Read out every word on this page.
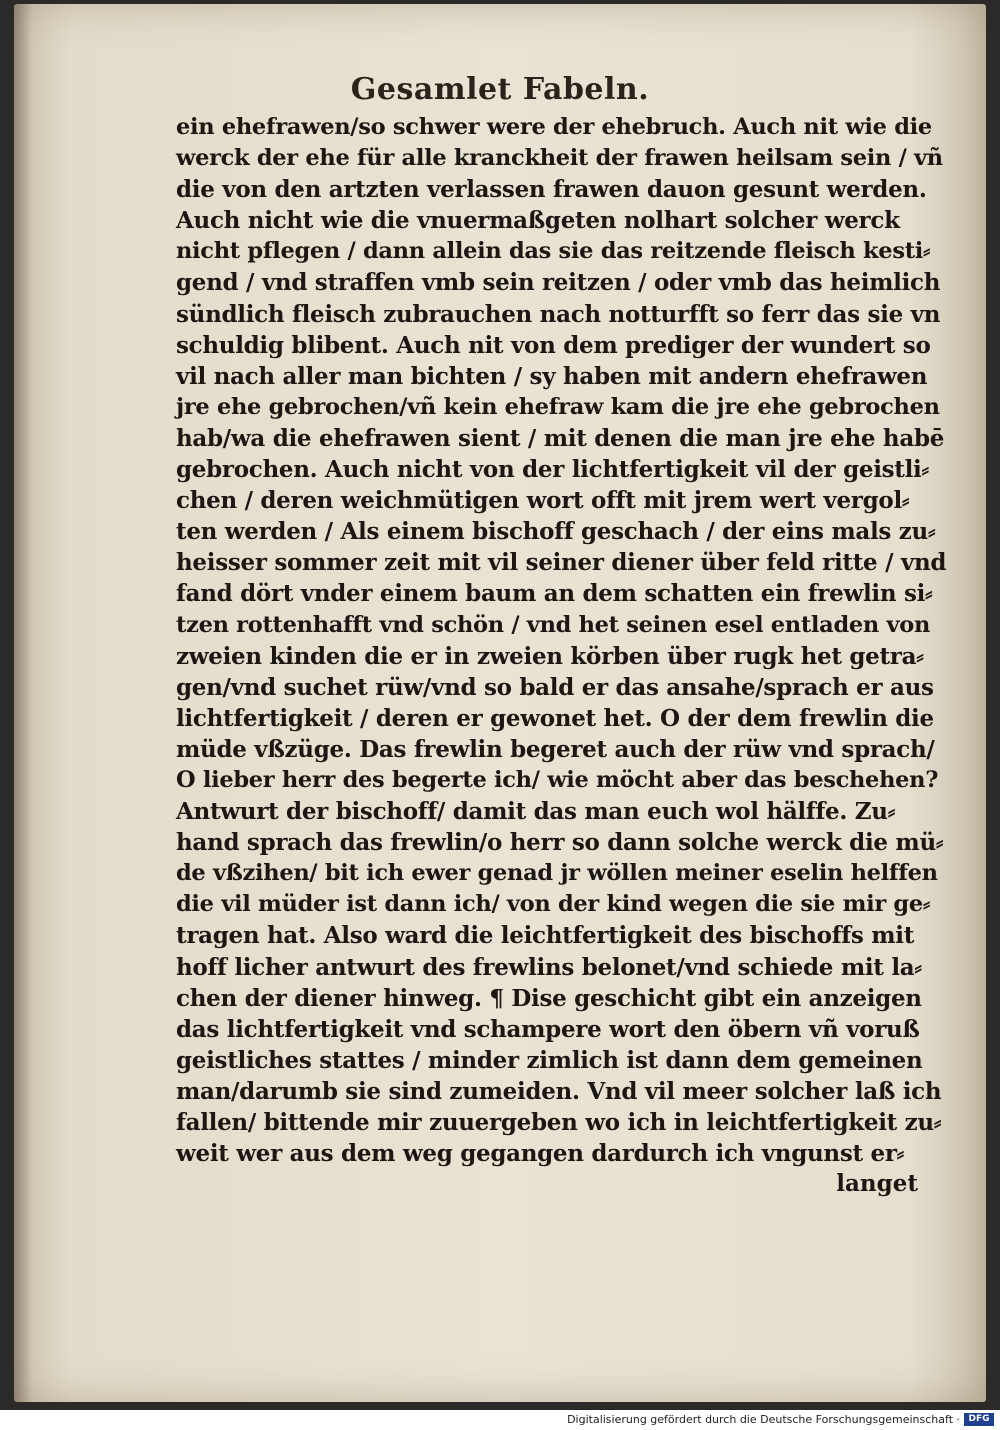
Gesamlet Fabeln.
ein ehefrawen/so schwer were der ehebruch. Auch nit wie die
werck der ehe für alle kranckheit der frawen heilsam sein / vñ
die von den artzten verlassen frawen dauon gesunt werden.
Auch nicht wie die vnuermaßgeten nolhart solcher werck
nicht pflegen / dann allein das sie das reitzende fleisch kesti⸗
gend / vnd straffen vmb sein reitzen / oder vmb das heimlich
sündlich fleisch zubrauchen nach notturfft so ferr das sie vn
schuldig blibent. Auch nit von dem prediger der wundert so
vil nach aller man bichten / sy haben mit andern ehefrawen
jre ehe gebrochen/vñ kein ehefraw kam die jre ehe gebrochen
hab/wa die ehefrawen sient / mit denen die man jre ehe habē
gebrochen. Auch nicht von der lichtfertigkeit vil der geistli⸗
chen / deren weichmütigen wort offt mit jrem wert vergol⸗
ten werden / Als einem bischoff geschach / der eins mals zu⸗
heisser sommer zeit mit vil seiner diener über feld ritte / vnd
fand dört vnder einem baum an dem schatten ein frewlin si⸗
tzen rottenhafft vnd schön / vnd het seinen esel entladen von
zweien kinden die er in zweien körben über rugk het getra⸗
gen/vnd suchet rüw/vnd so bald er das ansahe/sprach er aus
lichtfertigkeit / deren er gewonet het. O der dem frewlin die
müde vßzüge. Das frewlin begeret auch der rüw vnd sprach/
O lieber herr des begerte ich/ wie möcht aber das beschehen?
Antwurt der bischoff/ damit das man euch wol hälffe. Zu⸗
hand sprach das frewlin/o herr so dann solche werck die mü⸗
de vßzihen/ bit ich ewer genad jr wöllen meiner eselin helffen
die vil müder ist dann ich/ von der kind wegen die sie mir ge⸗
tragen hat. Also ward die leichtfertigkeit des bischoffs mit
hoff licher antwurt des frewlins belonet/vnd schiede mit la⸗
chen der diener hinweg. ¶ Dise geschicht gibt ein anzeigen
das lichtfertigkeit vnd schampere wort den öbern vñ voruß
geistliches stattes / minder zimlich ist dann dem gemeinen
man/darumb sie sind zumeiden. Vnd vil meer solcher laß ich
fallen/ bittende mir zuuergeben wo ich in leichtfertigkeit zu⸗
weit wer aus dem weg gegangen dardurch ich vngunst er⸗
langet
Digitalisierung gefördert durch die Deutsche Forschungsgemeinschaft · DFG
